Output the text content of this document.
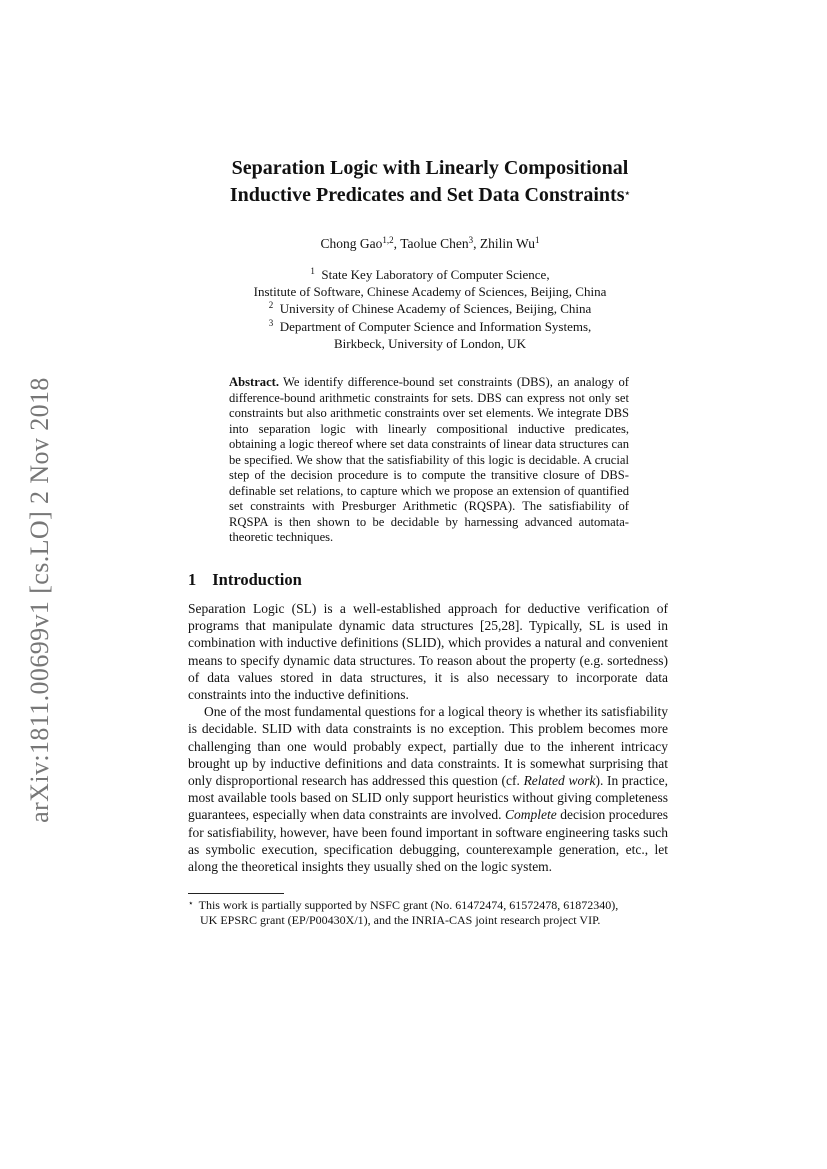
arXiv:1811.00699v1 [cs.LO] 2 Nov 2018
Separation Logic with Linearly Compositional
Inductive Predicates and Set Data Constraints⋆
Chong Gao$^{1,2}$, Taolue Chen$^3$, Zhilin Wu$^1$
$^1$ State Key Laboratory of Computer Science,
Institute of Software, Chinese Academy of Sciences, Beijing, China
$^2$ University of Chinese Academy of Sciences, Beijing, China
$^3$ Department of Computer Science and Information Systems,
Birkbeck, University of London, UK
Abstract. We identify difference-bound set constraints (DBS), an analogy of difference-bound arithmetic constraints for sets. DBS can express not only set constraints but also arithmetic constraints over set elements. We integrate DBS into separation logic with linearly compositional inductive predicates, obtaining a logic thereof where set data constraints of linear data structures can be specified. We show that the satisfiability of this logic is decidable. A crucial step of the decision procedure is to compute the transitive closure of DBS-definable set relations, to capture which we propose an extension of quantified set constraints with Presburger Arithmetic (RQSPA). The satisfiability of RQSPA is then shown to be decidable by harnessing advanced automata-theoretic techniques.
1 Introduction

Separation Logic (SL) is a well-established approach for deductive verification of programs that manipulate dynamic data structures [25,28]. Typically, SL is used in combination with inductive definitions (SLID), which provides a natural and convenient means to specify dynamic data structures. To reason about the property (e.g. sortedness) of data values stored in data structures, it is also necessary to incorporate data constraints into the inductive definitions.

One of the most fundamental questions for a logical theory is whether its satisfiability is decidable. SLID with data constraints is no exception. This problem becomes more challenging than one would probably expect, partially due to the inherent intricacy brought up by inductive definitions and data constraints. It is somewhat surprising that only disproportional research has addressed this question (cf. Related work). In practice, most available tools based on SLID only support heuristics without giving completeness guarantees, especially when data constraints are involved. Complete decision procedures for satisfiability, however, have been found important in software engineering tasks such as symbolic execution, specification debugging, counterexample generation, etc., let along the theoretical insights they usually shed on the logic system.

⋆ This work is partially supported by NSFC grant (No. 61472474, 61572478, 61872340),
UK EPSRC grant (EP/P00430X/1), and the INRIA-CAS joint research project VIP.
